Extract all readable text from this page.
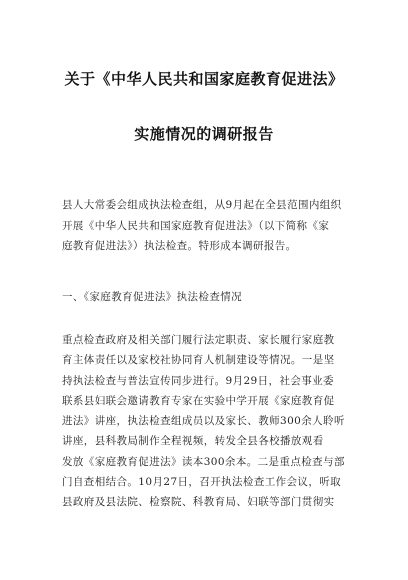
关于《中华人民共和国家庭教育促进法》
实施情况的调研报告
县人大常委会组成执法检查组，从9月起在全县范围内组织
开展《中华人民共和国家庭教育促进法》（以下简称《家
庭教育促进法》）执法检查。特形成本调研报告。
一、《家庭教育促进法》执法检查情况
重点检查政府及相关部门履行法定职责、家长履行家庭教
育主体责任以及家校社协同育人机制建设等情况。一是坚
持执法检查与普法宣传同步进行。9月29日，社会事业委
联系县妇联会邀请教育专家在实验中学开展《家庭教育促
进法》讲座，执法检查组成员以及家长、教师300余人聆听
讲座，县科教局制作全程视频，转发全县各校播放观看
发放《家庭教育促进法》读本300余本。二是重点检查与部
门自查相结合。10月27日，召开执法检查工作会议，听取
县政府及县法院、检察院、科教育局、妇联等部门贯彻实
